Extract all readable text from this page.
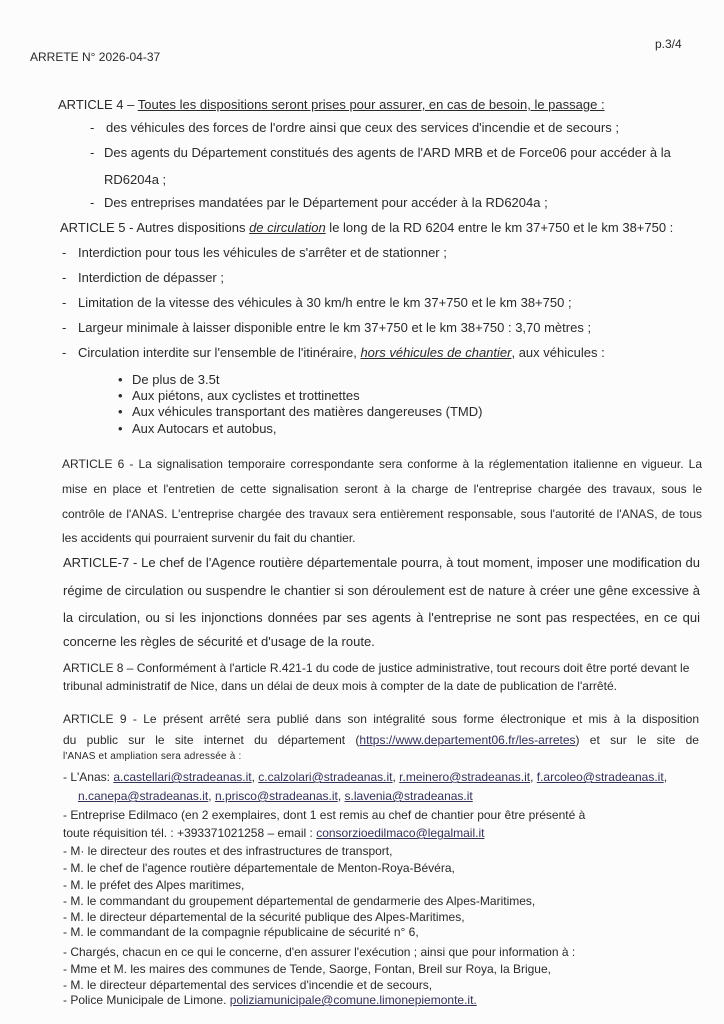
ARRETE N° 2026-04-37
p.3/4
ARTICLE 4 – Toutes les dispositions seront prises pour assurer, en cas de besoin, le passage :
- des véhicules des forces de l'ordre ainsi que ceux des services d'incendie et de secours ;
- Des agents du Département constitués des agents de l'ARD MRB et de Force06 pour accéder à la
RD6204a ;
- Des entreprises mandatées par le Département pour accéder à la RD6204a ;
ARTICLE 5 - Autres dispositions de circulation le long de la RD 6204 entre le km 37+750 et le km 38+750 :
- Interdiction pour tous les véhicules de s'arrêter et de stationner ;
- Interdiction de dépasser ;
- Limitation de la vitesse des véhicules à 30 km/h entre le km 37+750 et le km 38+750 ;
- Largeur minimale à laisser disponible entre le km 37+750 et le km 38+750 : 3,70 mètres ;
- Circulation interdite sur l'ensemble de l'itinéraire, hors véhicules de chantier, aux véhicules :
• De plus de 3.5t
• Aux piétons, aux cyclistes et trottinettes
• Aux véhicules transportant des matières dangereuses (TMD)
• Aux Autocars et autobus,
ARTICLE 6 - La signalisation temporaire correspondante sera conforme à la réglementation italienne en vigueur. La
mise en place et l'entretien de cette signalisation seront à la charge de l'entreprise chargée des travaux, sous le
contrôle de l'ANAS. L'entreprise chargée des travaux sera entièrement responsable, sous l'autorité de l'ANAS, de tous
les accidents qui pourraient survenir du fait du chantier.
ARTICLE-7 - Le chef de l'Agence routière départementale pourra, à tout moment, imposer une modification du
régime de circulation ou suspendre le chantier si son déroulement est de nature à créer une gêne excessive à
la circulation, ou si les injonctions données par ses agents à l'entreprise ne sont pas respectées, en ce qui
concerne les règles de sécurité et d'usage de la route.
ARTICLE 8 – Conformément à l'article R.421-1 du code de justice administrative, tout recours doit être porté devant le
tribunal administratif de Nice, dans un délai de deux mois à compter de la date de publication de l'arrêté.
ARTICLE 9 - Le présent arrêté sera publié dans son intégralité sous forme électronique et mis à la disposition
du public sur le site internet du département (https://www.departement06.fr/les-arretes) et sur le site de
l'ANAS et ampliation sera adressée à :
- L'Anas: a.castellari@stradeanas.it, c.calzolari@stradeanas.it, r.meinero@stradeanas.it, f.arcoleo@stradeanas.it,
n.canepa@stradeanas.it, n.prisco@stradeanas.it, s.lavenia@stradeanas.it
- Entreprise Edilmaco (en 2 exemplaires, dont 1 est remis au chef de chantier pour être présenté à
toute réquisition tél. : +393371021258 – email : consorzioedilmaco@legalmail.it
- M· le directeur des routes et des infrastructures de transport,
- M. le chef de l'agence routière départementale de Menton-Roya-Bévéra,
- M. le préfet des Alpes maritimes,
- M. le commandant du groupement départemental de gendarmerie des Alpes-Maritimes,
- M. le directeur départemental de la sécurité publique des Alpes-Maritimes,
- M. le commandant de la compagnie républicaine de sécurité n° 6,
- Chargés, chacun en ce qui le concerne, d'en assurer l'exécution ; ainsi que pour information à :
- Mme et M. les maires des communes de Tende, Saorge, Fontan, Breil sur Roya, la Brigue,
- M. le directeur départemental des services d'incendie et de secours,
- Police Municipale de Limone. poliziamunicipale@comune.limonepiemonte.it.
